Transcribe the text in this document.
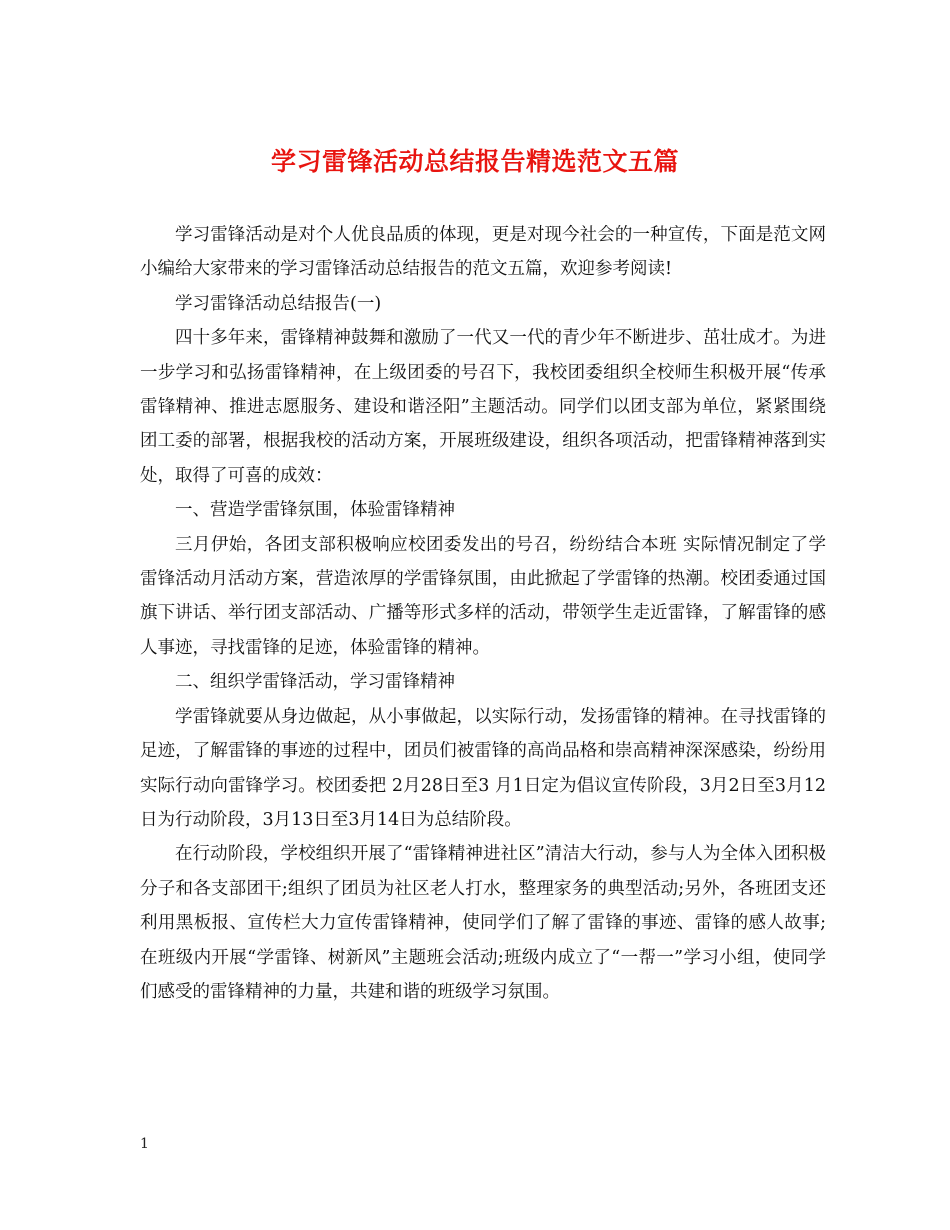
学习雷锋活动总结报告精选范文五篇

学习雷锋活动是对个人优良品质的体现，更是对现今社会的一种宣传，下面是范文网小编给大家带来的学习雷锋活动总结报告的范文五篇，欢迎参考阅读!

学习雷锋活动总结报告(一)

四十多年来，雷锋精神鼓舞和激励了一代又一代的青少年不断进步、茁壮成才。为进一步学习和弘扬雷锋精神，在上级团委的号召下，我校团委组织全校师生积极开展“传承雷锋精神、推进志愿服务、建设和谐泾阳”主题活动。同学们以团支部为单位，紧紧围绕团工委的部署，根据我校的活动方案，开展班级建设，组织各项活动，把雷锋精神落到实处，取得了可喜的成效：

一、营造学雷锋氛围，体验雷锋精神

三月伊始，各团支部积极响应校团委发出的号召，纷纷结合本班 实际情况制定了学雷锋活动月活动方案，营造浓厚的学雷锋氛围，由此掀起了学雷锋的热潮。校团委通过国旗下讲话、举行团支部活动、广播等形式多样的活动，带领学生走近雷锋，了解雷锋的感人事迹，寻找雷锋的足迹，体验雷锋的精神。

二、组织学雷锋活动，学习雷锋精神

学雷锋就要从身边做起，从小事做起，以实际行动，发扬雷锋的精神。在寻找雷锋的足迹，了解雷锋的事迹的过程中，团员们被雷锋的高尚品格和崇高精神深深感染，纷纷用实际行动向雷锋学习。校团委把 2月28日至3 月1日定为倡议宣传阶段，3月2日至3月12日为行动阶段，3月13日至3月14日为总结阶段。

在行动阶段，学校组织开展了“雷锋精神进社区”清洁大行动，参与人为全体入团积极分子和各支部团干;组织了团员为社区老人打水，整理家务的典型活动;另外，各班团支还利用黑板报、宣传栏大力宣传雷锋精神，使同学们了解了雷锋的事迹、雷锋的感人故事;在班级内开展“学雷锋、树新风”主题班会活动;班级内成立了“一帮一”学习小组，使同学们感受的雷锋精神的力量，共建和谐的班级学习氛围。

1
